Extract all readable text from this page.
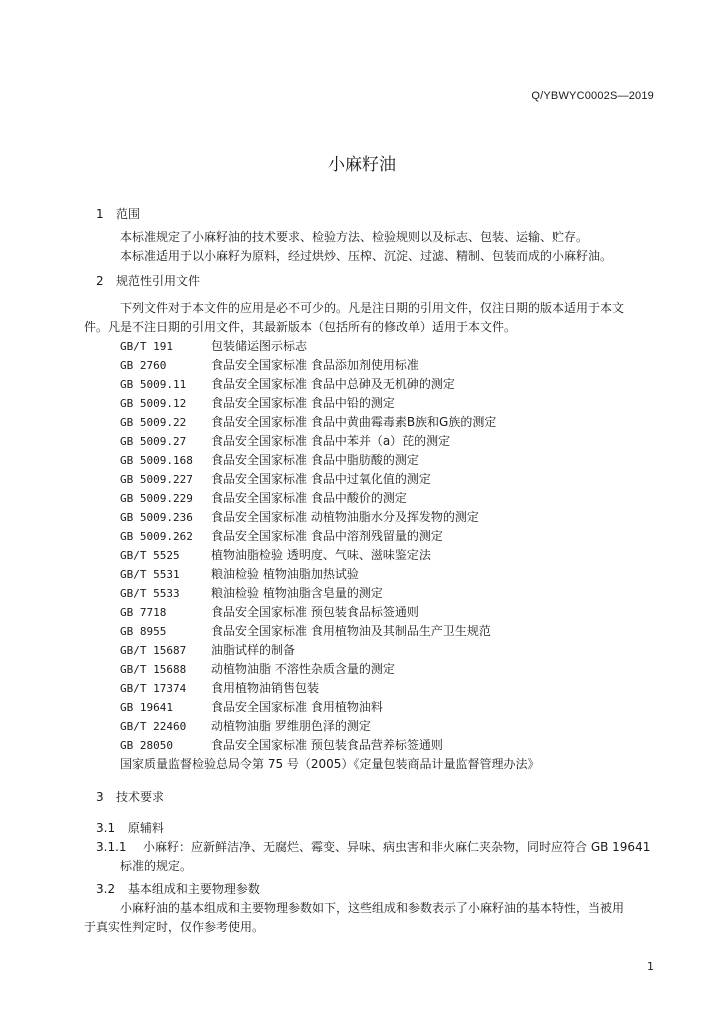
Q/YBWYC0002S—2019
小麻籽油
1	范围
本标准规定了小麻籽油的技术要求、检验方法、检验规则以及标志、包装、运输、贮存。
本标准适用于以小麻籽为原料，经过烘炒、压榨、沉淀、过滤、精制、包装而成的小麻籽油。
2	规范性引用文件
下列文件对于本文件的应用是必不可少的。凡是注日期的引用文件，仅注日期的版本适用于本文
件。凡是不注日期的引用文件，其最新版本（包括所有的修改单）适用于本文件。
GB/T 191	包装储运图示标志
GB 2760	食品安全国家标准 食品添加剂使用标准
GB 5009.11	食品安全国家标准 食品中总砷及无机砷的测定
GB 5009.12	食品安全国家标准 食品中铅的测定
GB 5009.22	食品安全国家标准 食品中黄曲霉毒素B族和G族的测定
GB 5009.27	食品安全国家标准 食品中苯并（a）芘的测定
GB 5009.168	食品安全国家标准 食品中脂肪酸的测定
GB 5009.227	食品安全国家标准 食品中过氧化值的测定
GB 5009.229	食品安全国家标准 食品中酸价的测定
GB 5009.236	食品安全国家标准 动植物油脂水分及挥发物的测定
GB 5009.262	食品安全国家标准 食品中溶剂残留量的测定
GB/T 5525	植物油脂检验 透明度、气味、滋味鉴定法
GB/T 5531	粮油检验 植物油脂加热试验
GB/T 5533	粮油检验 植物油脂含皂量的测定
GB 7718	食品安全国家标准 预包装食品标签通则
GB 8955	食品安全国家标准 食用植物油及其制品生产卫生规范
GB/T 15687	油脂试样的制备
GB/T 15688	动植物油脂 不溶性杂质含量的测定
GB/T 17374	食用植物油销售包装
GB 19641	食品安全国家标准 食用植物油料
GB/T 22460	动植物油脂 罗维朋色泽的测定
GB 28050	食品安全国家标准 预包装食品营养标签通则
国家质量监督检验总局令第 75 号（2005）《定量包装商品计量监督管理办法》
3	技术要求
3.1 原辅料
3.1.1 小麻籽：应新鲜洁净、无腐烂、霉变、异味、病虫害和非火麻仁夹杂物，同时应符合 GB 19641
标准的规定。
3.2 基本组成和主要物理参数
小麻籽油的基本组成和主要物理参数如下，这些组成和参数表示了小麻籽油的基本特性，当被用
于真实性判定时，仅作参考使用。
1
